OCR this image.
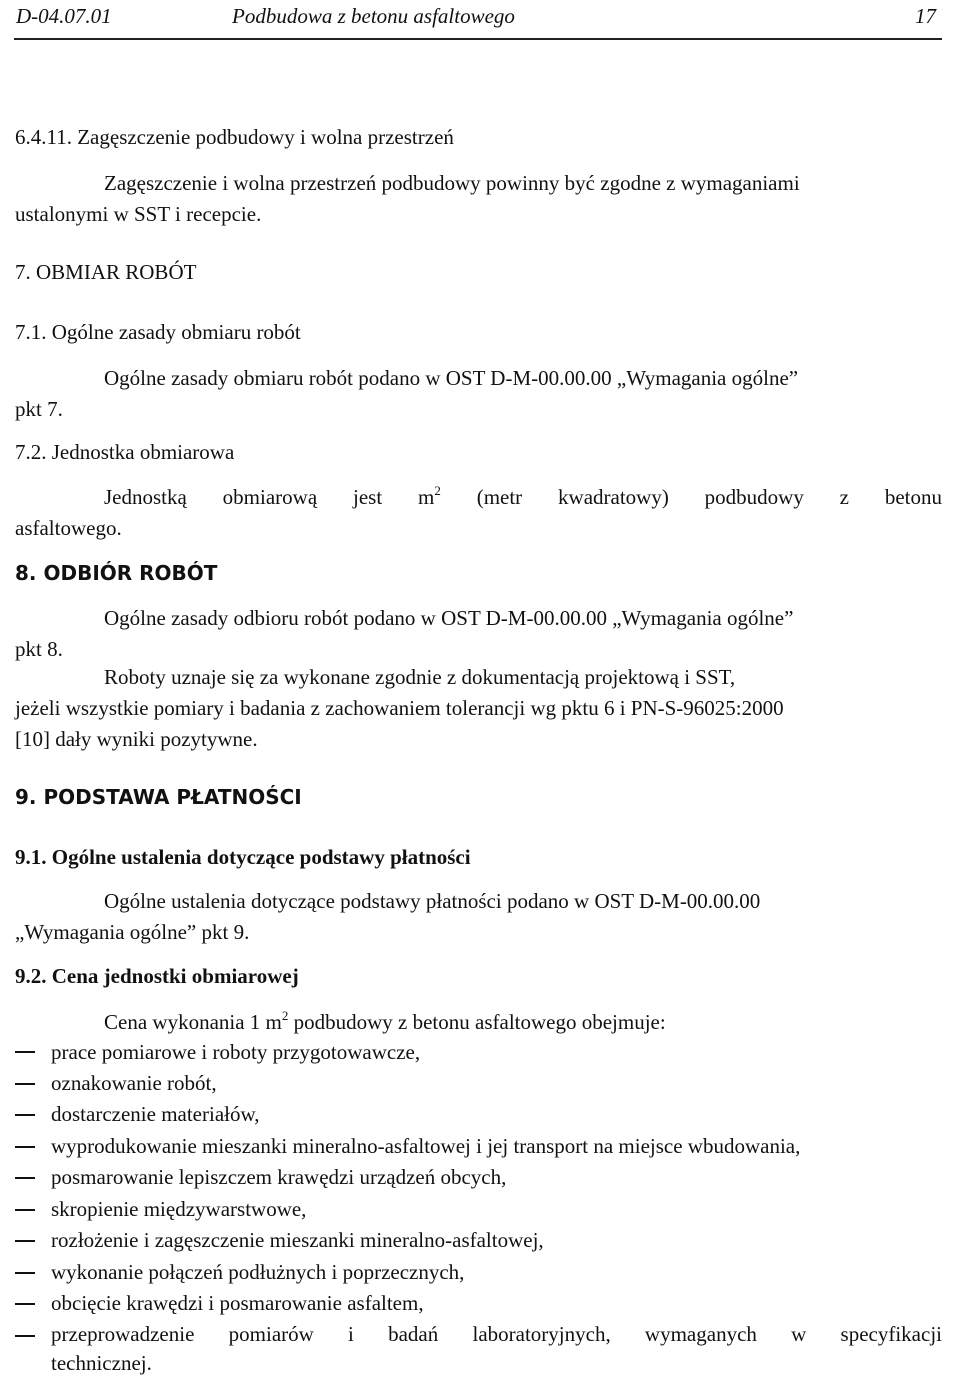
D-04.07.01	Podbudowa z betonu asfaltowego	17
6.4.11. Zagęszczenie podbudowy i wolna przestrzeń
Zagęszczenie i wolna przestrzeń podbudowy powinny być zgodne z wymaganiami
ustalonymi w SST i recepcie.
7. OBMIAR ROBÓT
7.1. Ogólne zasady obmiaru robót
Ogólne zasady obmiaru robót podano w OST D-M-00.00.00 „Wymagania ogólne”
pkt 7.
7.2. Jednostka obmiarowa
Jednostką obmiarową jest $m^2$ (metr kwadratowy) podbudowy z betonu
asfaltowego.
8. ODBIÓR ROBÓT
Ogólne zasady odbioru robót podano w OST D-M-00.00.00 „Wymagania ogólne”
pkt 8.
Roboty uznaje się za wykonane zgodnie z dokumentacją projektową i SST,
jeżeli wszystkie pomiary i badania z zachowaniem tolerancji wg pktu 6 i PN-S-96025:2000
[10] dały wyniki pozytywne.
9. PODSTAWA PŁATNOŚCI
9.1. Ogólne ustalenia dotyczące podstawy płatności
Ogólne ustalenia dotyczące podstawy płatności podano w OST D-M-00.00.00
„Wymagania ogólne” pkt 9.
9.2. Cena jednostki obmiarowej
Cena wykonania 1 $m^2$ podbudowy z betonu asfaltowego obejmuje:
prace pomiarowe i roboty przygotowawcze,
oznakowanie robót,
dostarczenie materiałów,
wyprodukowanie mieszanki mineralno-asfaltowej i jej transport na miejsce wbudowania,
posmarowanie lepiszczem krawędzi urządzeń obcych,
skropienie międzywarstwowe,
rozłożenie i zagęszczenie mieszanki mineralno-asfaltowej,
wykonanie połączeń podłużnych i poprzecznych,
obcięcie krawędzi i posmarowanie asfaltem,
przeprowadzenie pomiarów i badań laboratoryjnych, wymaganych w specyfikacji
technicznej.
